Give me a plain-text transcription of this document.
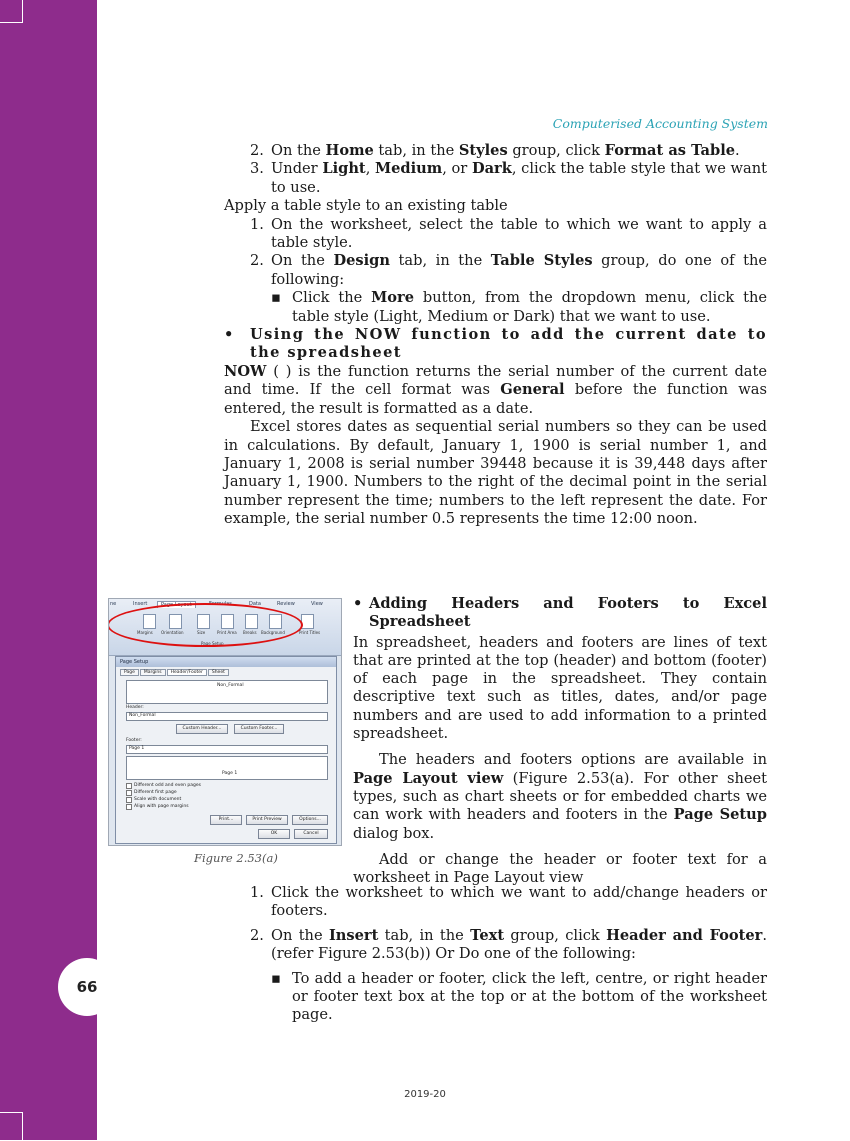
66
Computerised Accounting System

2. On the Home tab, in the Styles group, click Format as Table.

3. Under Light, Medium, or Dark, click the table style that we want to use.

Apply a table style to an existing table

1. On the worksheet, select the table to which we want to apply a table style.

2. On the Design tab, in the Table Styles group, do one of the following:

▪ Click the More button, from the dropdown menu, click the table style (Light, Medium or Dark) that we want to use.

• Using the NOW function to add the current date to the spreadsheet

NOW ( ) is the function returns the serial number of the current date and time. If the cell format was General before the function was entered, the result is formatted as a date.

Excel stores dates as sequential serial numbers so they can be used in calculations. By default, January 1, 1900 is serial number 1, and January 1, 2008 is serial number 39448 because it is 39,448 days after January 1, 1900. Numbers to the right of the decimal point in the serial number represent the time; numbers to the left represent the date. For example, the serial number 0.5 represents the time 12:00 noon.

ne	Insert	Page Layout	Formulas	Data	Review	View
Margins Orientation	Size	Print Area Breaks Background	Print Titles
Page Setup
Page Setup
Page Margins Header/Footer Sheet
Non_Formal
Header:
Non_Formal
Custom Header...	Custom Footer...
Footer:
Page 1
Page 1
Different odd and even pages
Different first page
Scale with document
Align with page margins
Print...	Print Preview	Options...
OK	Cancel
Figure 2.53(a)

• Adding Headers and Footers to Excel Spreadsheet

In spreadsheet, headers and footers are lines of text that are printed at the top (header) and bottom (footer) of each page in the spreadsheet. They contain descriptive text such as titles, dates, and/or page numbers and are used to add information to a printed spreadsheet.

The headers and footers options are available in Page Layout view (Figure 2.53(a). For other sheet types, such as chart sheets or for embedded charts we can work with headers and footers in the Page Setup dialog box.

Add or change the header or footer text for a worksheet in Page Layout view

1. Click the worksheet to which we want to add/change headers or footers.

2. On the Insert tab, in the Text group, click Header and Footer. (refer Figure 2.53(b)) Or Do one of the following:

▪ To add a header or footer, click the left, centre, or right header or footer text box at the top or at the bottom of the worksheet page.

2019-20
